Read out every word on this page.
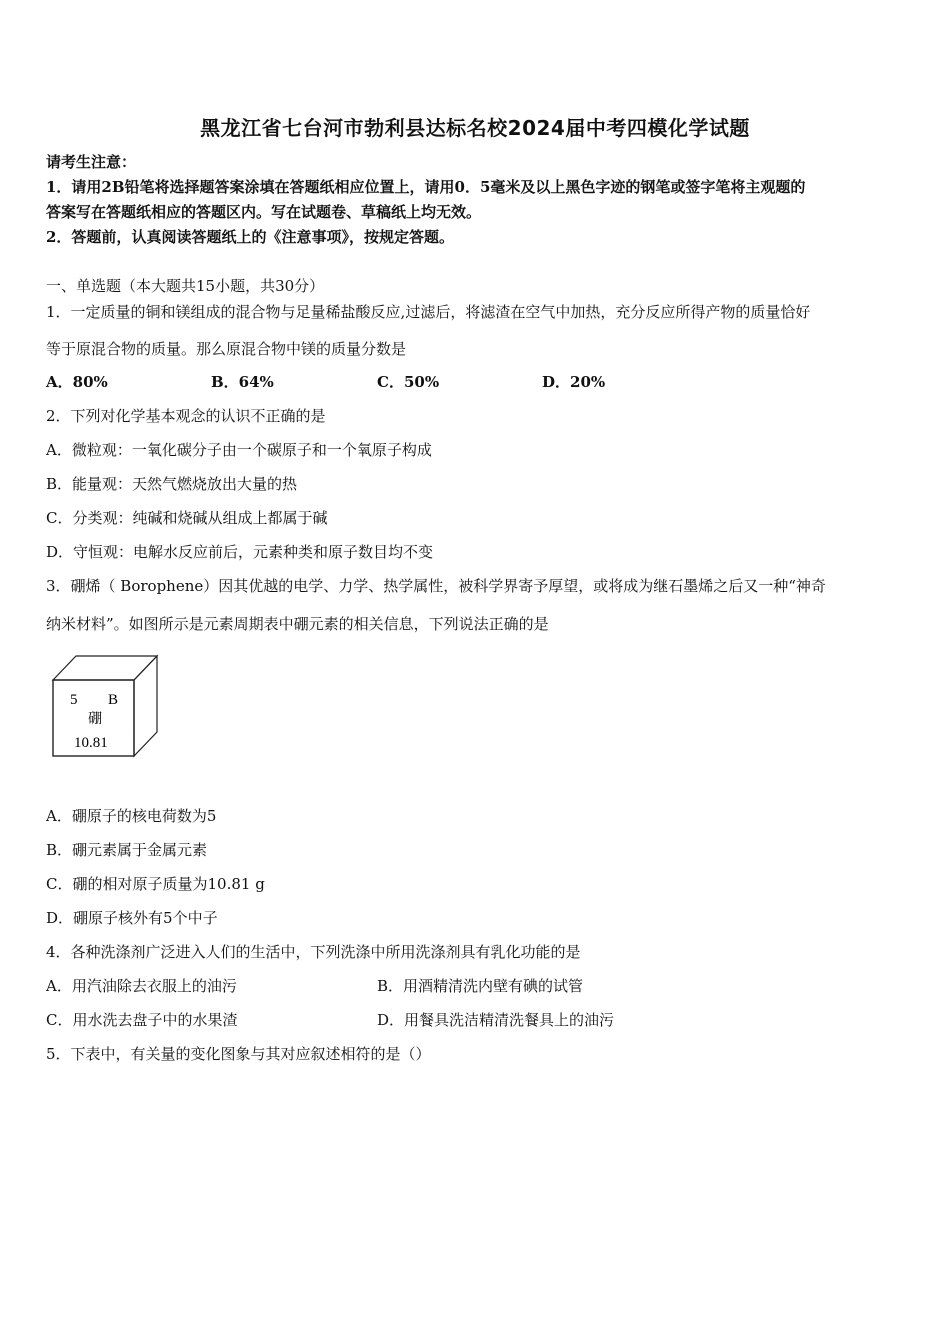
黑龙江省七台河市勃利县达标名校2024届中考四模化学试题
请考生注意：
1．请用2B铅笔将选择题答案涂填在答题纸相应位置上，请用0．5毫米及以上黑色字迹的钢笔或签字笔将主观题的
答案写在答题纸相应的答题区内。写在试题卷、草稿纸上均无效。
2．答题前，认真阅读答题纸上的《注意事项》，按规定答题。
一、单选题（本大题共15小题，共30分）
1．一定质量的铜和镁组成的混合物与足量稀盐酸反应,过滤后，将滤渣在空气中加热，充分反应所得产物的质量恰好
等于原混合物的质量。那么原混合物中镁的质量分数是
A．80%	B．64%	C．50%	D．20%
2．下列对化学基本观念的认识不正确的是
A．微粒观：一氧化碳分子由一个碳原子和一个氧原子构成
B．能量观：天然气燃烧放出大量的热
C．分类观：纯碱和烧碱从组成上都属于碱
D．守恒观：电解水反应前后，元素种类和原子数目均不变
3．硼烯（ Borophene）因其优越的电学、力学、热学属性，被科学界寄予厚望，或将成为继石墨烯之后又一种“神奇
纳米材料”。如图所示是元素周期表中硼元素的相关信息，下列说法正确的是
5 B
硼
10.81
A．硼原子的核电荷数为5
B．硼元素属于金属元素
C．硼的相对原子质量为10.81 g
D．硼原子核外有5个中子
4．各种洗涤剂广泛进入人们的生活中，下列洗涤中所用洗涤剂具有乳化功能的是
A．用汽油除去衣服上的油污	B．用酒精清洗内壁有碘的试管
C．用水洗去盘子中的水果渣	D．用餐具洗洁精清洗餐具上的油污
5．下表中，有关量的变化图象与其对应叙述相符的是（）
